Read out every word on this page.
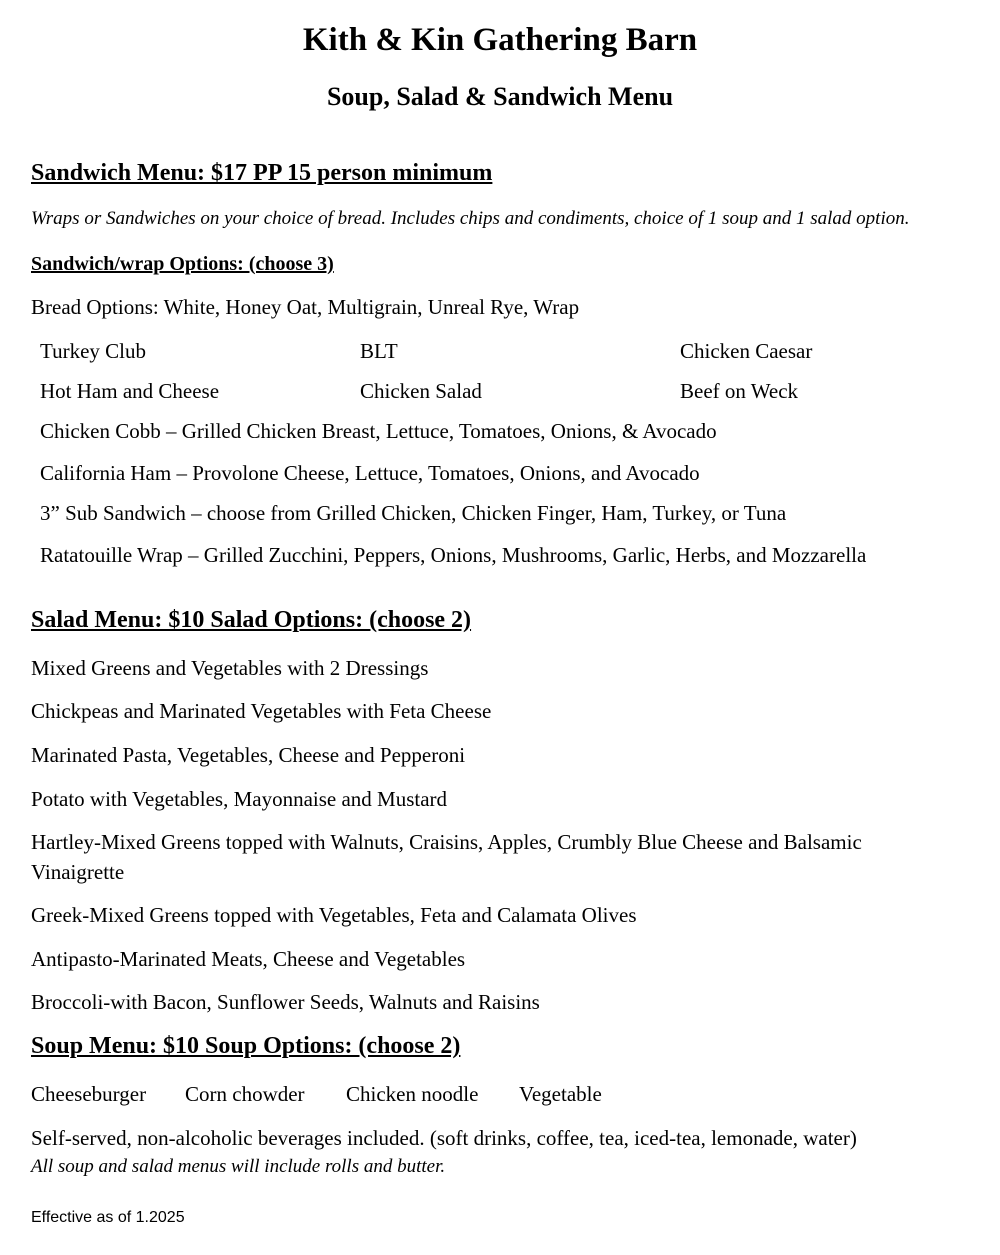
Kith & Kin Gathering Barn
Soup, Salad & Sandwich Menu
Sandwich Menu: $17 PP 15 person minimum
Wraps or Sandwiches on your choice of bread. Includes chips and condiments, choice of 1 soup and 1 salad option.
Sandwich/wrap Options: (choose 3)
Bread Options: White, Honey Oat, Multigrain, Unreal Rye, Wrap
Turkey Club	BLT	Chicken Caesar
Hot Ham and Cheese	Chicken Salad	Beef on Weck
Chicken Cobb – Grilled Chicken Breast, Lettuce, Tomatoes, Onions, & Avocado
California Ham – Provolone Cheese, Lettuce, Tomatoes, Onions, and Avocado
3” Sub Sandwich – choose from Grilled Chicken, Chicken Finger, Ham, Turkey, or Tuna
Ratatouille Wrap – Grilled Zucchini, Peppers, Onions, Mushrooms, Garlic, Herbs, and Mozzarella
Salad Menu: $10 Salad Options: (choose 2)
Mixed Greens and Vegetables with 2 Dressings
Chickpeas and Marinated Vegetables with Feta Cheese
Marinated Pasta, Vegetables, Cheese and Pepperoni
Potato with Vegetables, Mayonnaise and Mustard
Hartley-Mixed Greens topped with Walnuts, Craisins, Apples, Crumbly Blue Cheese and Balsamic
Vinaigrette
Greek-Mixed Greens topped with Vegetables, Feta and Calamata Olives
Antipasto-Marinated Meats, Cheese and Vegetables
Broccoli-with Bacon, Sunflower Seeds, Walnuts and Raisins
Soup Menu: $10 Soup Options: (choose 2)
Cheeseburger Corn chowder Chicken noodle Vegetable
Self-served, non-alcoholic beverages included. (soft drinks, coffee, tea, iced-tea, lemonade, water)
All soup and salad menus will include rolls and butter.
Effective as of 1.2025
